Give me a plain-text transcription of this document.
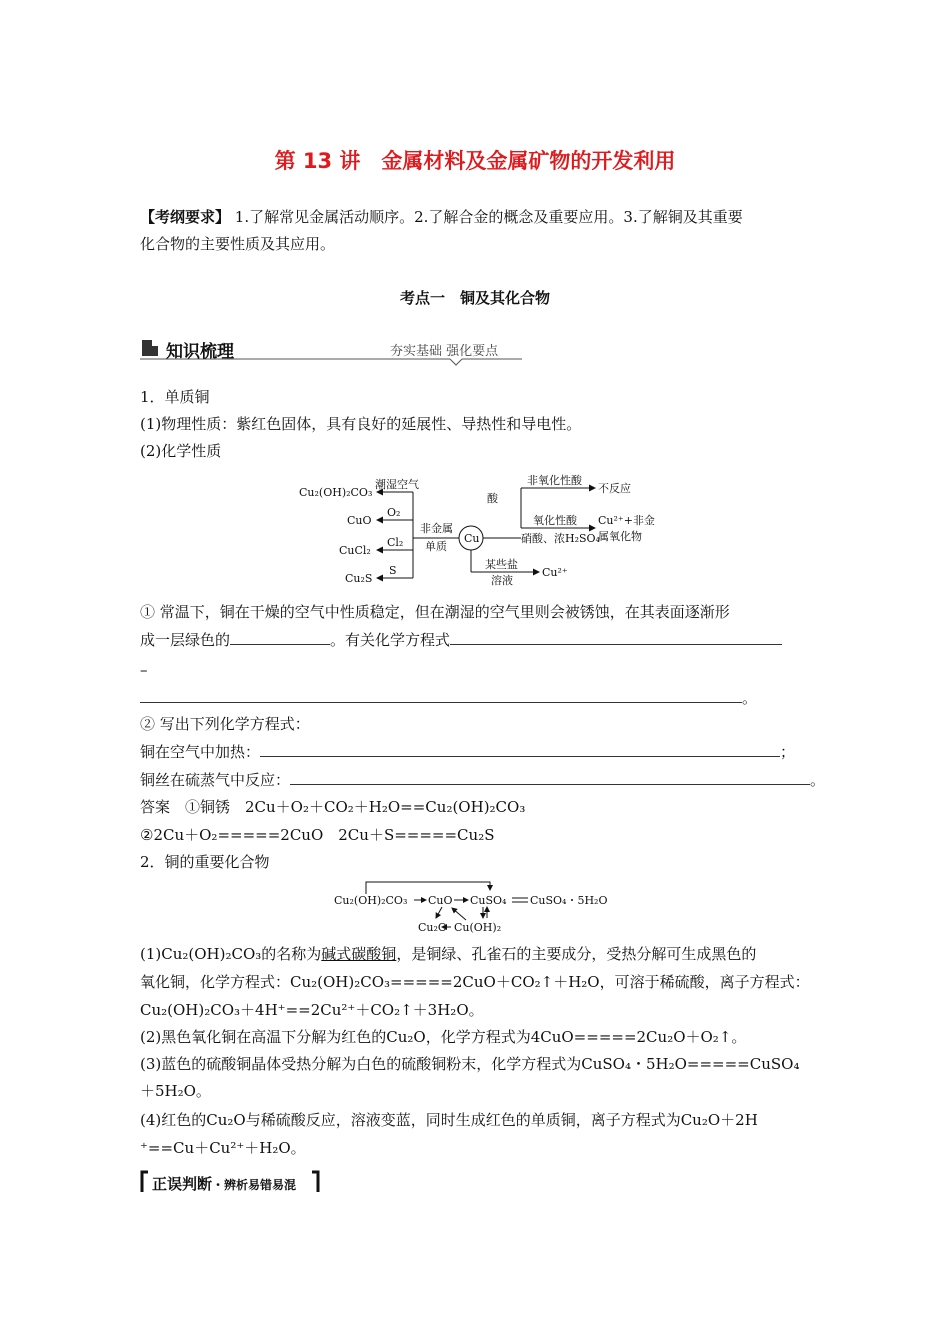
第 13 讲　金属材料及金属矿物的开发利用
【考纲要求】 1.了解常见金属活动顺序。2.了解合金的概念及重要应用。3.了解铜及其重要
化合物的主要性质及其应用。
考点一　铜及其化合物
知识梳理	夯实基础 强化要点
1．单质铜
(1)物理性质：紫红色固体，具有良好的延展性、导热性和导电性。
(2)化学性质
Cu
Cu₂(OH)₂CO₃
CuO
CuCl₂
Cu₂S
潮湿空气
O₂
Cl₂
S
非金属
单质
酸
非氧化性酸
不反应
氧化性酸
硝酸、浓H₂SO₄
Cu²⁺+非金
属氧化物
某些盐
溶液
Cu²⁺
① 常温下，铜在干燥的空气中性质稳定，但在潮湿的空气里则会被锈蚀，在其表面逐渐形
成一层绿色的	。有关化学方程式
–
。
② 写出下列化学方程式：
铜在空气中加热：	；
铜丝在硫蒸气中反应：	。
答案　①铜锈　2Cu＋O₂＋CO₂＋H₂O==Cu₂(OH)₂CO₃
②2Cu＋O₂=====2CuO　2Cu＋S=====Cu₂S
2．铜的重要化合物
Cu₂(OH)₂CO₃ CuO CuSO₄ CuSO₄・5H₂O
Cu₂O Cu(OH)₂
(1)Cu₂(OH)₂CO₃的名称为碱式碳酸铜，是铜绿、孔雀石的主要成分，受热分解可生成黑色的
氧化铜，化学方程式：Cu₂(OH)₂CO₃=====2CuO＋CO₂↑＋H₂O，可溶于稀硫酸，离子方程式：
Cu₂(OH)₂CO₃＋4H⁺==2Cu²⁺＋CO₂↑＋3H₂O。
(2)黑色氧化铜在高温下分解为红色的Cu₂O，化学方程式为4CuO=====2Cu₂O＋O₂↑。
(3)蓝色的硫酸铜晶体受热分解为白色的硫酸铜粉末，化学方程式为CuSO₄・5H₂O=====CuSO₄
＋5H₂O。
(4)红色的Cu₂O与稀硫酸反应，溶液变蓝，同时生成红色的单质铜，离子方程式为Cu₂O＋2H
⁺==Cu＋Cu²⁺＋H₂O。
正误判断・辨析易错易混
